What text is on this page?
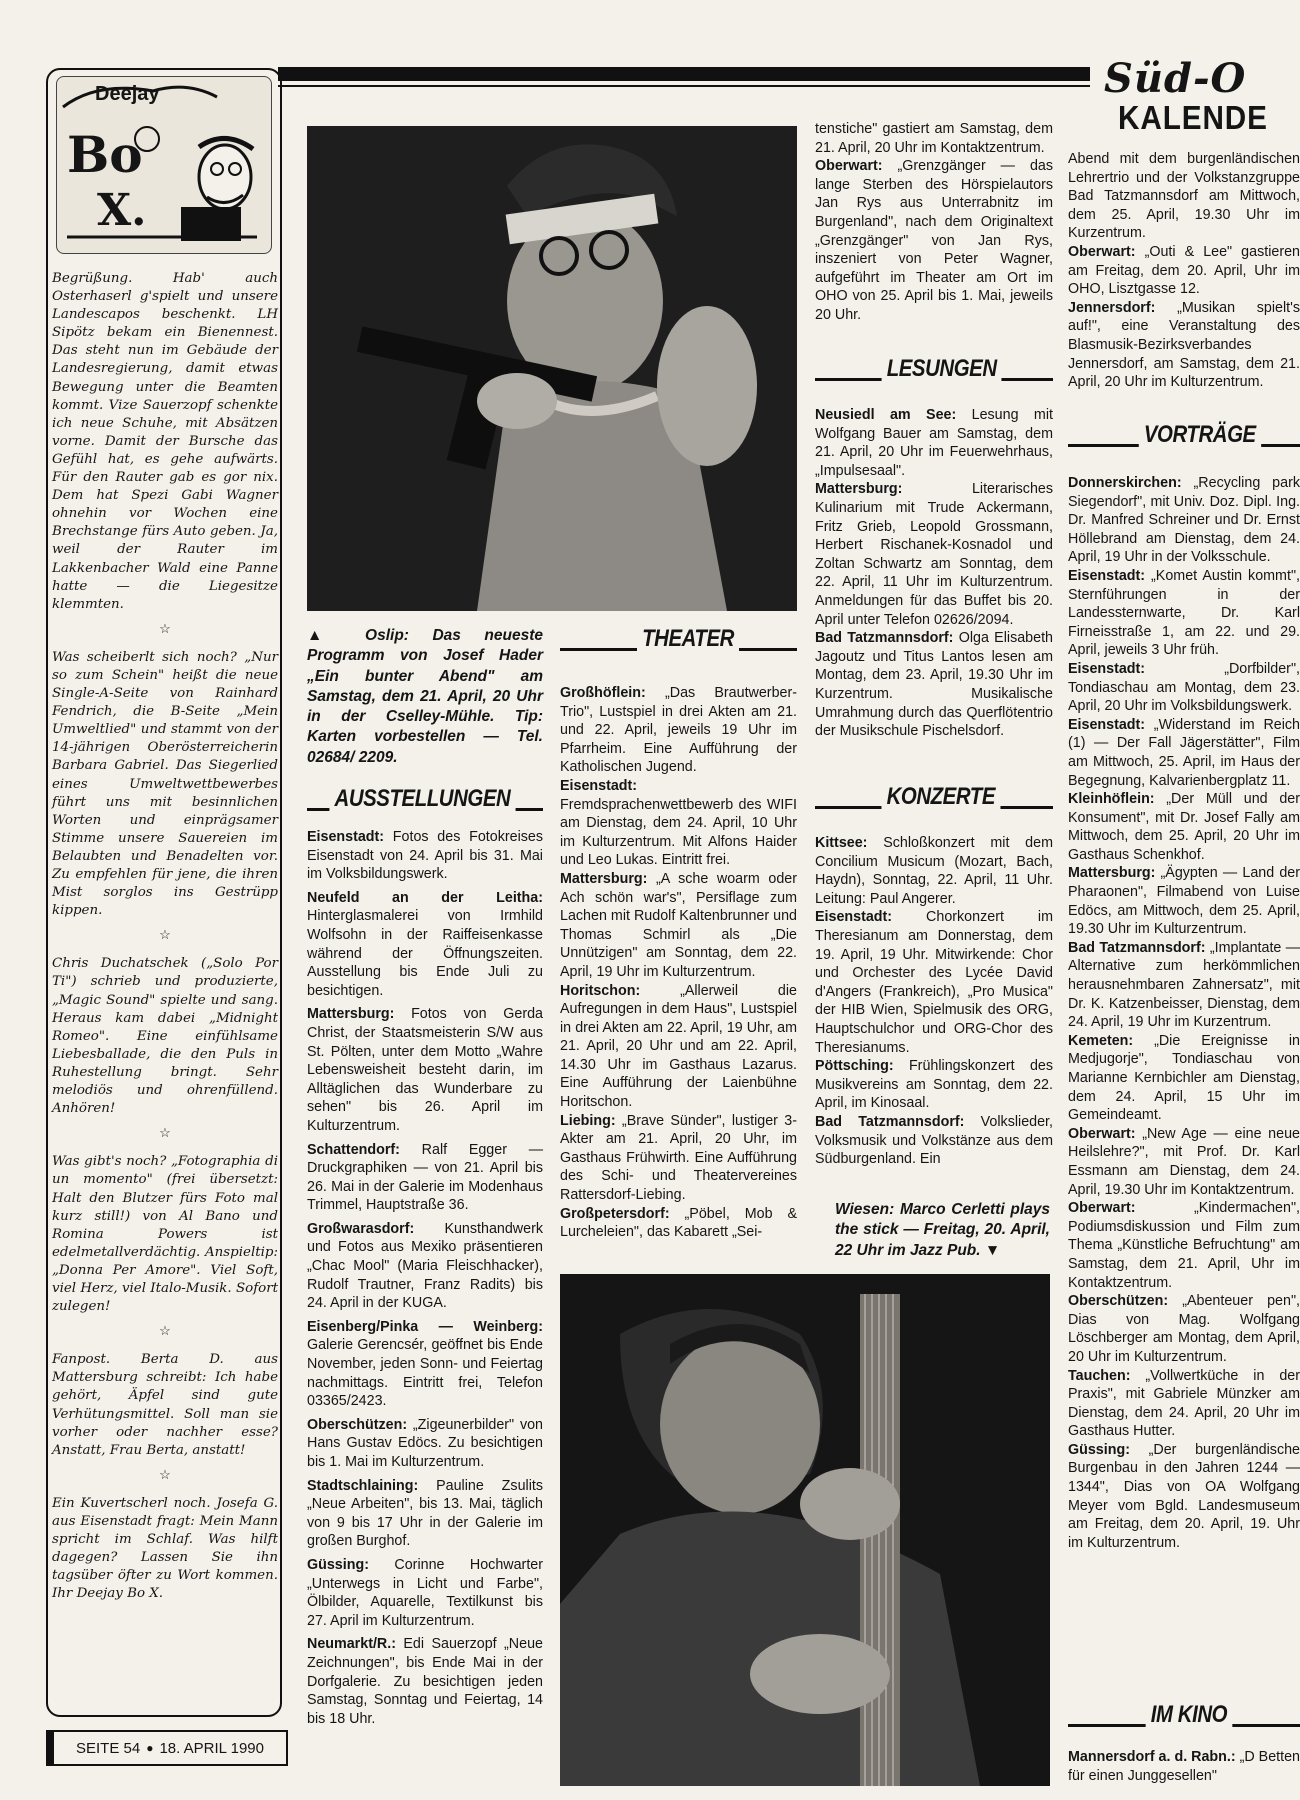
Süd-O
KALENDE
Deejay
Bo
X.

Begrüßung. Hab' auch Osterhaserl g'spielt und unsere Landescapos beschenkt. LH Sipötz bekam ein Bienennest. Das steht nun im Gebäude der Landesregierung, damit etwas Bewegung unter die Beamten kommt. Vize Sauerzopf schenkte ich neue Schuhe, mit Absätzen vorne. Damit der Bursche das Gefühl hat, es gehe aufwärts. Für den Rauter gab es gor nix. Dem hat Spezi Gabi Wagner ohnehin vor Wochen eine Brechstange fürs Auto geben. Ja, weil der Rauter im Lakkenbacher Wald eine Panne hatte — die Liegesitze klemmten.

☆

Was scheiberlt sich noch? „Nur so zum Schein" heißt die neue Single-A-Seite von Rainhard Fendrich, die B-Seite „Mein Umweltlied" und stammt von der 14-jährigen Oberösterreicherin Barbara Gabriel. Das Siegerlied eines Umweltwettbewerbes führt uns mit besinnlichen Worten und einprägsamer Stimme unsere Sauereien im Belaubten und Benadelten vor. Zu empfehlen für jene, die ihren Mist sorglos ins Gestrüpp kippen.

☆

Chris Duchatschek („Solo Por Ti") schrieb und produzierte, „Magic Sound" spielte und sang. Heraus kam dabei „Midnight Romeo". Eine einfühlsame Liebesballade, die den Puls in Ruhestellung bringt. Sehr melodiös und ohrenfüllend. Anhören!

☆

Was gibt's noch? „Fotographia di un momento" (frei übersetzt: Halt den Blutzer fürs Foto mal kurz still!) von Al Bano und Romina Powers ist edelmetallverdächtig. Anspieltip: „Donna Per Amore". Viel Soft, viel Herz, viel Italo-Musik. Sofort zulegen!

☆

Fanpost. Berta D. aus Mattersburg schreibt: Ich habe gehört, Äpfel sind gute Verhütungsmittel. Soll man sie vorher oder nachher esse? Anstatt, Frau Berta, anstatt!

☆

Ein Kuvertscherl noch. Josefa G. aus Eisenstadt fragt: Mein Mann spricht im Schlaf. Was hilft dagegen? Lassen Sie ihn tagsüber öfter zu Wort kommen. Ihr Deejay Bo X.

SEITE 54 ● 18. APRIL 1990
▲ Oslip: Das neueste Programm von Josef Hader „Ein bunter Abend" am Samstag, dem 21. April, 20 Uhr in der Cselley-Mühle. Tip: Karten vorbestellen — Tel. 02684/ 2209.
AUSSTELLUNGEN

Eisenstadt: Fotos des Fotokreises Eisenstadt von 24. April bis 31. Mai im Volksbildungswerk.

Neufeld an der Leitha: Hinterglasmalerei von Irmhild Wolfsohn in der Raiffeisenkasse während der Öffnungszeiten. Ausstellung bis Ende Juli zu besichtigen.

Mattersburg: Fotos von Gerda Christ, der Staatsmeisterin S/W aus St. Pölten, unter dem Motto „Wahre Lebensweisheit besteht darin, im Alltäglichen das Wunderbare zu sehen" bis 26. April im Kulturzentrum.

Schattendorf: Ralf Egger — Druckgraphiken — von 21. April bis 26. Mai in der Galerie im Modenhaus Trimmel, Hauptstraße 36.

Großwarasdorf: Kunsthandwerk und Fotos aus Mexiko präsentieren „Chac Mool" (Maria Fleischhacker), Rudolf Trautner, Franz Radits) bis 24. April in der KUGA.

Eisenberg/Pinka — Weinberg: Galerie Gerencsér, geöffnet bis Ende November, jeden Sonn- und Feiertag nachmittags. Eintritt frei, Telefon 03365/2423.

Oberschützen: „Zigeunerbilder" von Hans Gustav Edöcs. Zu besichtigen bis 1. Mai im Kulturzentrum.

Stadtschlaining: Pauline Zsulits „Neue Arbeiten", bis 13. Mai, täglich von 9 bis 17 Uhr in der Galerie im großen Burghof.

Güssing: Corinne Hochwarter „Unterwegs in Licht und Farbe", Ölbilder, Aquarelle, Textilkunst bis 27. April im Kulturzentrum.

Neumarkt/R.: Edi Sauerzopf „Neue Zeichnungen", bis Ende Mai in der Dorfgalerie. Zu besichtigen jeden Samstag, Sonntag und Feiertag, 14 bis 18 Uhr.

THEATER

Großhöflein: „Das Brautwerber-Trio", Lustspiel in drei Akten am 21. und 22. April, jeweils 19 Uhr im Pfarrheim. Eine Aufführung der Katholischen Jugend.

Eisenstadt: Fremdsprachenwettbewerb des WIFI am Dienstag, dem 24. April, 10 Uhr im Kulturzentrum. Mit Alfons Haider und Leo Lukas. Eintritt frei.

Mattersburg: „A sche woarm oder Ach schön war's", Persiflage zum Lachen mit Rudolf Kaltenbrunner und Thomas Schmirl als „Die Unnützigen" am Sonntag, dem 22. April, 19 Uhr im Kulturzentrum.

Horitschon: „Allerweil die Aufregungen in dem Haus", Lustspiel in drei Akten am 22. April, 19 Uhr, am 21. April, 20 Uhr und am 22. April, 14.30 Uhr im Gasthaus Lazarus. Eine Aufführung der Laienbühne Horitschon.

Liebing: „Brave Sünder", lustiger 3-Akter am 21. April, 20 Uhr, im Gasthaus Frühwirth. Eine Aufführung des Schi- und Theatervereines Rattersdorf-Liebing.

Großpetersdorf: „Pöbel, Mob & Lurcheleien", das Kabarett „Sei-

tenstiche" gastiert am Samstag, dem 21. April, 20 Uhr im Kontaktzentrum.

Oberwart: „Grenzgänger — das lange Sterben des Hörspielautors Jan Rys aus Unterrabnitz im Burgenland", nach dem Originaltext „Grenzgänger" von Jan Rys, inszeniert von Peter Wagner, aufgeführt im Theater am Ort im OHO von 25. April bis 1. Mai, jeweils 20 Uhr.

LESUNGEN

Neusiedl am See: Lesung mit Wolfgang Bauer am Samstag, dem 21. April, 20 Uhr im Feuerwehrhaus, „Impulsesaal".

Mattersburg: Literarisches Kulinarium mit Trude Ackermann, Fritz Grieb, Leopold Grossmann, Herbert Rischanek-Kosnadol und Zoltan Schwartz am Sonntag, dem 22. April, 11 Uhr im Kulturzentrum. Anmeldungen für das Buffet bis 20. April unter Telefon 02626/2094.

Bad Tatzmannsdorf: Olga Elisabeth Jagoutz und Titus Lantos lesen am Montag, dem 23. April, 19.30 Uhr im Kurzentrum. Musikalische Umrahmung durch das Querflötentrio der Musikschule Pischelsdorf.

KONZERTE

Kittsee: Schloßkonzert mit dem Concilium Musicum (Mozart, Bach, Haydn), Sonntag, 22. April, 11 Uhr. Leitung: Paul Angerer.

Eisenstadt: Chorkonzert im Theresianum am Donnerstag, dem 19. April, 19 Uhr. Mitwirkende: Chor und Orchester des Lycée David d'Angers (Frankreich), „Pro Musica" der HIB Wien, Spielmusik des ORG, Hauptschulchor und ORG-Chor des Theresianums.

Pöttsching: Frühlingskonzert des Musikvereins am Sonntag, dem 22. April, im Kinosaal.

Bad Tatzmannsdorf: Volkslieder, Volksmusik und Volkstänze aus dem Südburgenland. Ein

Wiesen: Marco Cerletti plays the stick — Freitag, 20. April, 22 Uhr im Jazz Pub. ▼

Abend mit dem burgenländischen Lehrertrio und der Volkstanzgruppe Bad Tatzmannsdorf am Mittwoch, dem 25. April, 19.30 Uhr im Kurzentrum.

Oberwart: „Outi & Lee" gastieren am Freitag, dem 20. April, Uhr im OHO, Lisztgasse 12.

Jennersdorf: „Musikan spielt's auf!", eine Veranstaltung des Blasmusik-Bezirksverbandes Jennersdorf, am Samstag, dem 21. April, 20 Uhr im Kulturzentrum.

VORTRÄGE

Donnerskirchen: „Recycling park Siegendorf", mit Univ. Doz. Dipl. Ing. Dr. Manfred Schreiner und Dr. Ernst Höllebrand am Dienstag, dem 24. April, 19 Uhr in der Volksschule.

Eisenstadt: „Komet Austin kommt", Sternführungen in der Landessternwarte, Dr. Karl Firneisstraße 1, am 22. und 29. April, jeweils 3 Uhr früh.

Eisenstadt: „Dorfbilder", Tondiaschau am Montag, dem 23. April, 20 Uhr im Volksbildungswerk.

Eisenstadt: „Widerstand im Reich (1) — Der Fall Jägerstätter", Film am Mittwoch, 25. April, im Haus der Begegnung, Kalvarienbergplatz 11.

Kleinhöflein: „Der Müll und der Konsument", mit Dr. Josef Fally am Mittwoch, dem 25. April, 20 Uhr im Gasthaus Schenkhof.

Mattersburg: „Ägypten — Land der Pharaonen", Filmabend von Luise Edöcs, am Mittwoch, dem 25. April, 19.30 Uhr im Kulturzentrum.

Bad Tatzmannsdorf: „Implantate — Alternative zum herkömmlichen herausnehmbaren Zahnersatz", mit Dr. K. Katzenbeisser, Dienstag, dem 24. April, 19 Uhr im Kurzentrum.

Kemeten: „Die Ereignisse in Medjugorje", Tondiaschau von Marianne Kernbichler am Dienstag, dem 24. April, 15 Uhr im Gemeindeamt.

Oberwart: „New Age — eine neue Heilslehre?", mit Prof. Dr. Karl Essmann am Dienstag, dem 24. April, 19.30 Uhr im Kontaktzentrum.

Oberwart: „Kindermachen", Podiumsdiskussion und Film zum Thema „Künstliche Befruchtung" am Samstag, dem 21. April, Uhr im Kontaktzentrum.

Oberschützen: „Abenteuer pen", Dias von Mag. Wolfgang Löschberger am Montag, dem April, 20 Uhr im Kulturzentrum.

Tauchen: „Vollwertküche in der Praxis", mit Gabriele Münzker am Dienstag, dem 24. April, 20 Uhr im Gasthaus Hutter.

Güssing: „Der burgenländische Burgenbau in den Jahren 1244 — 1344", Dias von OA Wolfgang Meyer vom Bgld. Landesmuseum am Freitag, dem 20. April, 19. Uhr im Kulturzentrum.

IM KINO

Mannersdorf a. d. Rabn.: „D Betten für einen Junggesellen"
